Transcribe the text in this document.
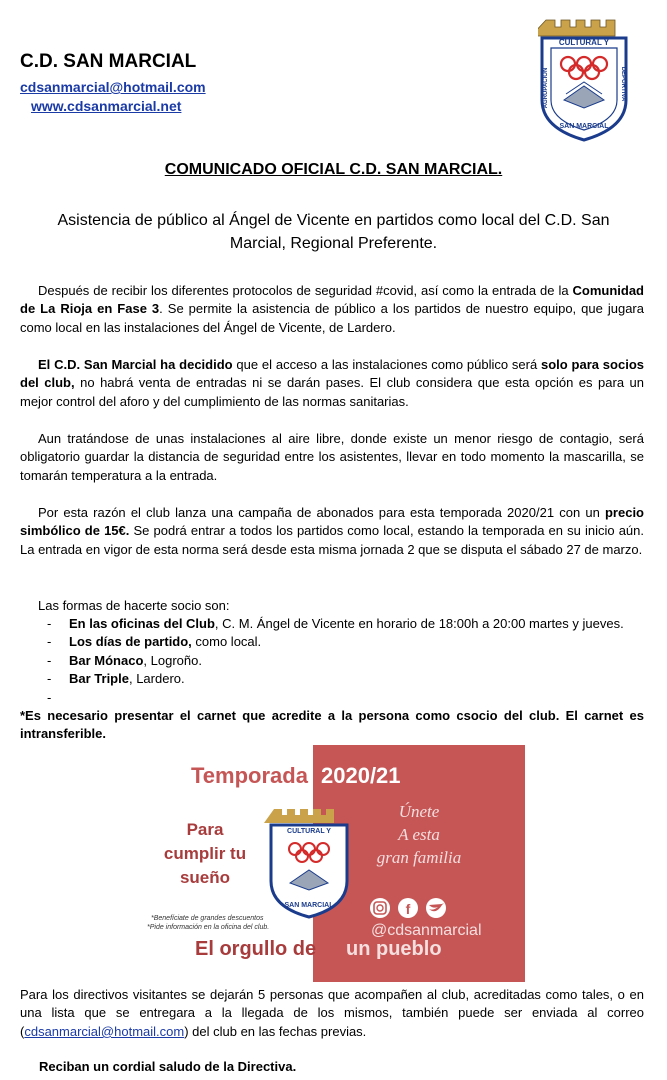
C.D. SAN MARCIAL
cdsanmarcial@hotmail.com
www.cdsanmarcial.net
CULTURAL Y
AGRUPACION	DEPORTIVA
SAN MARCIAL
COMUNICADO OFICIAL C.D. SAN MARCIAL.
Asistencia de público al Ángel de Vicente en partidos como local del C.D. San Marcial, Regional Preferente.
Después de recibir los diferentes protocolos de seguridad #covid, así como la entrada de la Comunidad de La Rioja en Fase 3. Se permite la asistencia de público a los partidos de nuestro equipo, que jugara como local en las instalaciones del Ángel de Vicente, de Lardero.
El C.D. San Marcial ha decidido que el acceso a las instalaciones como público será solo para socios del club, no habrá venta de entradas ni se darán pases. El club considera que esta opción es para un mejor control del aforo y del cumplimiento de las normas sanitarias.
Aun tratándose de unas instalaciones al aire libre, donde existe un menor riesgo de contagio, será obligatorio guardar la distancia de seguridad entre los asistentes, llevar en todo momento la mascarilla, se tomarán temperatura a la entrada.
Por esta razón el club lanza una campaña de abonados para esta temporada 2020/21 con un precio simbólico de 15€. Se podrá entrar a todos los partidos como local, estando la temporada en su inicio aún. La entrada en vigor de esta norma será desde esta misma jornada 2 que se disputa el sábado 27 de marzo.
Las formas de hacerte socio son:
- En las oficinas del Club, C. M. Ángel de Vicente en horario de 18:00h a 20:00 martes y jueves.
- Los días de partido, como local.
- Bar Mónaco, Logroño.
- Bar Triple, Lardero.
-
*Es necesario presentar el carnet que acredite a la persona como csocio del club. El carnet es intransferible.
Temporada 2020/21
Para
cumplir tu
sueño
Únete
A esta
gran familia
CULTURAL Y
SAN MARCIAL	f
@cdsanmarcial
*Benefíciate de grandes descuentos
*Pide información en la oficina del club.
El orgullo de un pueblo
Para los directivos visitantes se dejarán 5 personas que acompañen al club, acreditadas como tales, o en una lista que se entregara a la llegada de los mismos, también puede ser enviada al correo (cdsanmarcial@hotmail.com) del club en las fechas previas.
Reciban un cordial saludo de la Directiva.
